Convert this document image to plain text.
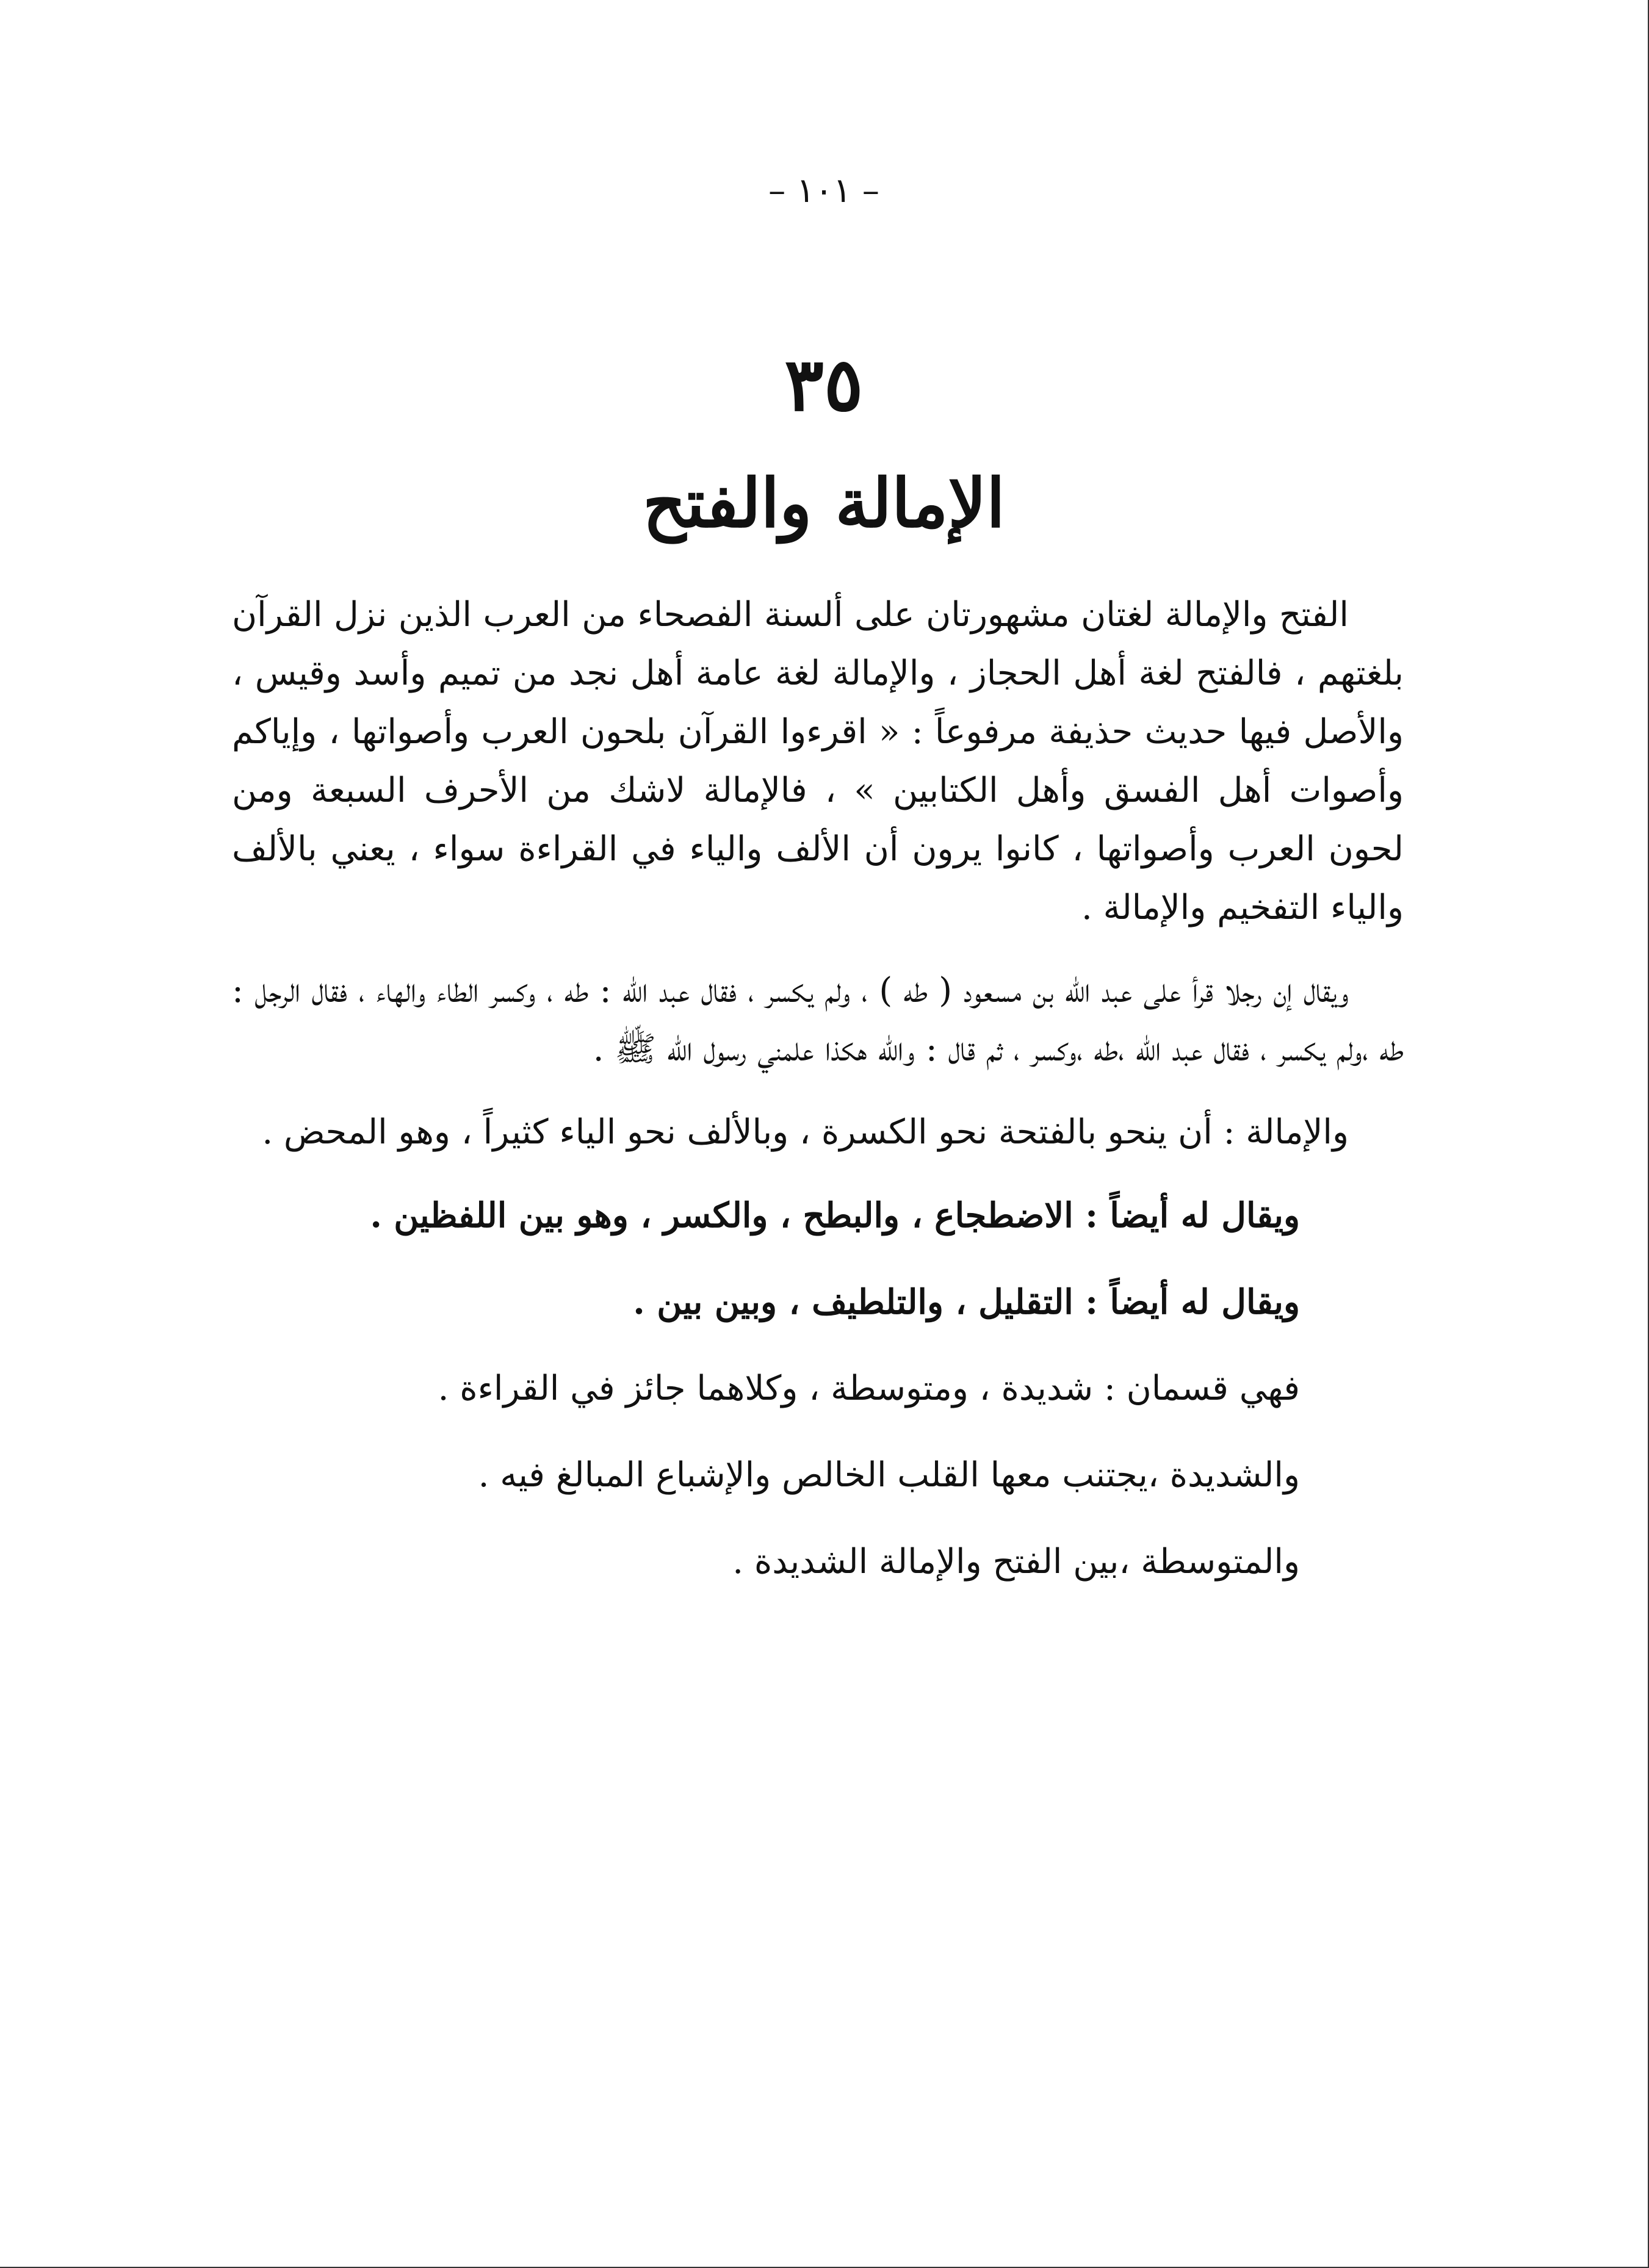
– ١٠١ –
٣٥
الإمالة والفتح

الفتح والإمالة لغتان مشهورتان على ألسنة الفصحاء من العرب الذين نزل القرآن بلغتهم ، فالفتح لغة أهل الحجاز ، والإمالة لغة عامة أهل نجد من تميم وأسد وقيس ، والأصل فيها حديث حذيفة مرفوعاً : « اقرءوا القرآن بلحون العرب وأصواتها ، وإياكم وأصوات أهل الفسق وأهل الكتابين » ، فالإمالة لاشك من الأحرف السبعة ومن لحون العرب وأصواتها ، كانوا يرون أن الألف والياء في القراءة سواء ، يعني بالألف والياء التفخيم والإمالة .

ويقال إن رجلا قرأ على عبد الله بن مسعود ( طه ) ، ولم يكسر ، فقال عبد الله : طه ، وكسر الطاء والهاء ، فقال الرجل : طه ،ولم يكسر ، فقال عبد الله ،طه ،وكسر ، ثم قال : والله هكذا علمني رسول الله ﷺ .

والإمالة : أن ينحو بالفتحة نحو الكسرة ، وبالألف نحو الياء كثيراً ، وهو المحض .

ويقال له أيضاً : الاضطجاع ، والبطح ، والكسر ، وهو بين اللفظين .

ويقال له أيضاً : التقليل ، والتلطيف ، وبين بين .

فهي قسمان : شديدة ، ومتوسطة ، وكلاهما جائز في القراءة .

والشديدة ،يجتنب معها القلب الخالص والإشباع المبالغ فيه .

والمتوسطة ،بين الفتح والإمالة الشديدة .
